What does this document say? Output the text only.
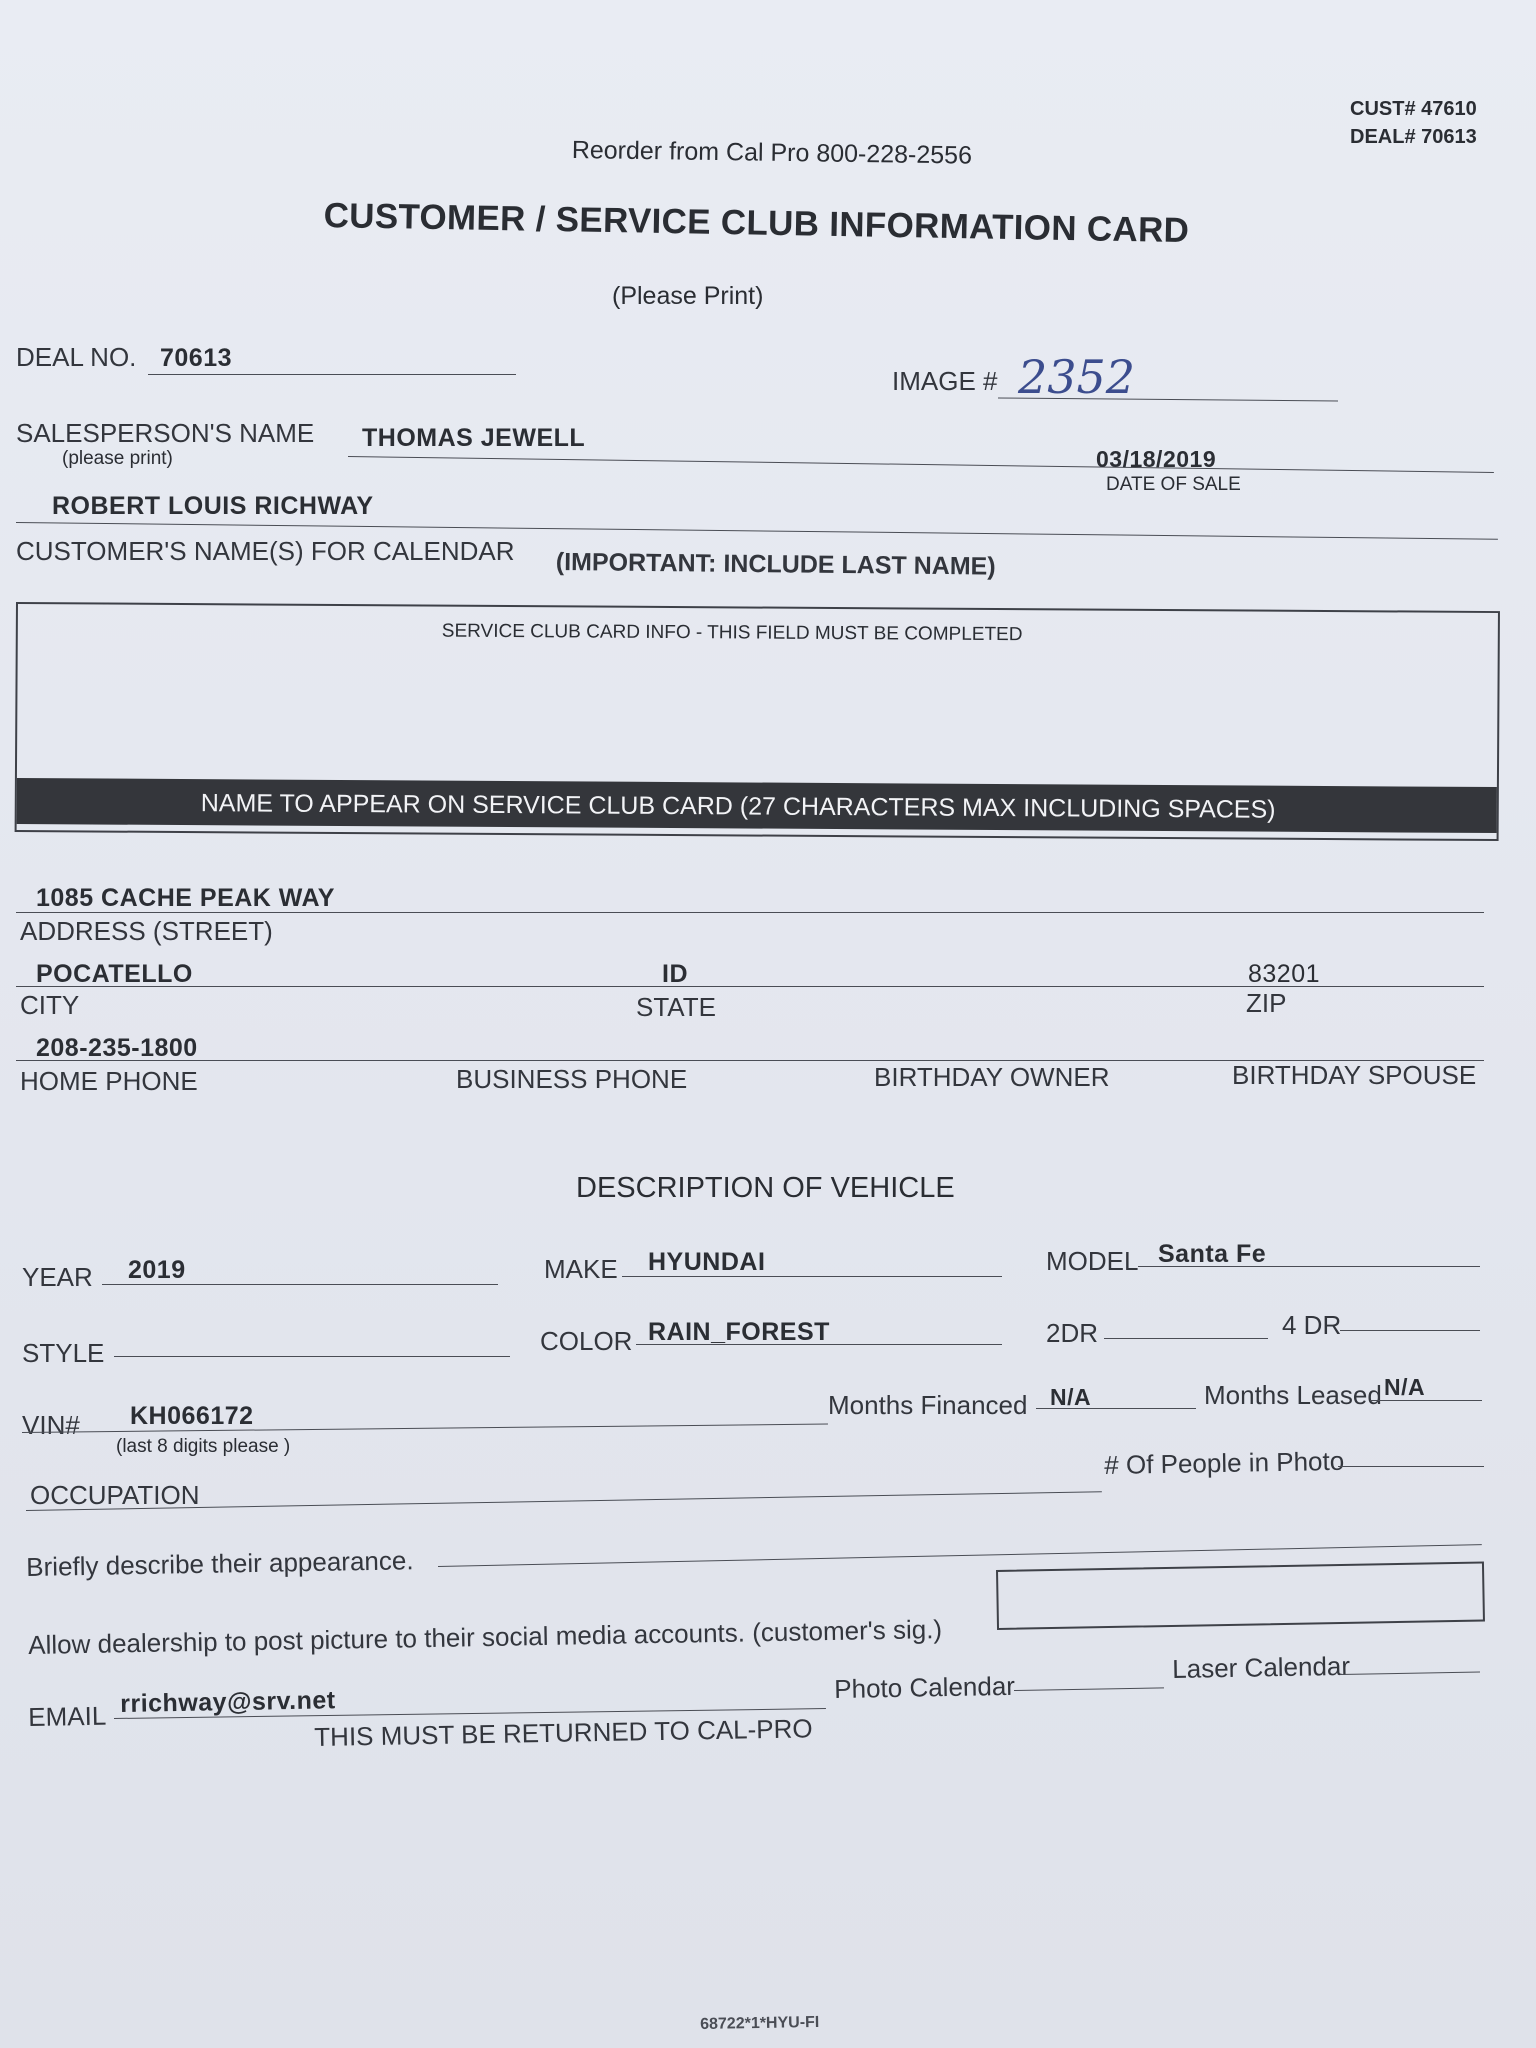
CUST# 47610
DEAL# 70613
Reorder from Cal Pro 800-228-2556
CUSTOMER / SERVICE CLUB INFORMATION CARD
(Please Print)
DEAL NO. 70613
IMAGE # 2352
SALESPERSON'S NAME
(please print)
THOMAS JEWELL
03/18/2019
DATE OF SALE
ROBERT LOUIS RICHWAY
CUSTOMER'S NAME(S) FOR CALENDAR (IMPORTANT: INCLUDE LAST NAME)
SERVICE CLUB CARD INFO - THIS FIELD MUST BE COMPLETED
NAME TO APPEAR ON SERVICE CLUB CARD (27 CHARACTERS MAX INCLUDING SPACES)
1085 CACHE PEAK WAY
ADDRESS (STREET)
POCATELLO	ID	83201
CITY	STATE	ZIP
208-235-1800
HOME PHONE	BUSINESS PHONE	BIRTHDAY OWNER	BIRTHDAY SPOUSE
DESCRIPTION OF VEHICLE
YEAR 2019	MAKE HYUNDAI	MODEL Santa Fe
STYLE	COLOR RAIN_FOREST	2DR	4 DR
VIN# KH066172
(last 8 digits please )
Months Financed N/A	Months Leased N/A
OCCUPATION
# Of People in Photo
Briefly describe their appearance.
Allow dealership to post picture to their social media accounts. (customer's sig.)
EMAIL rrichway@srv.net	Photo Calendar
Laser Calendar
THIS MUST BE RETURNED TO CAL-PRO
68722*1*HYU-FI
